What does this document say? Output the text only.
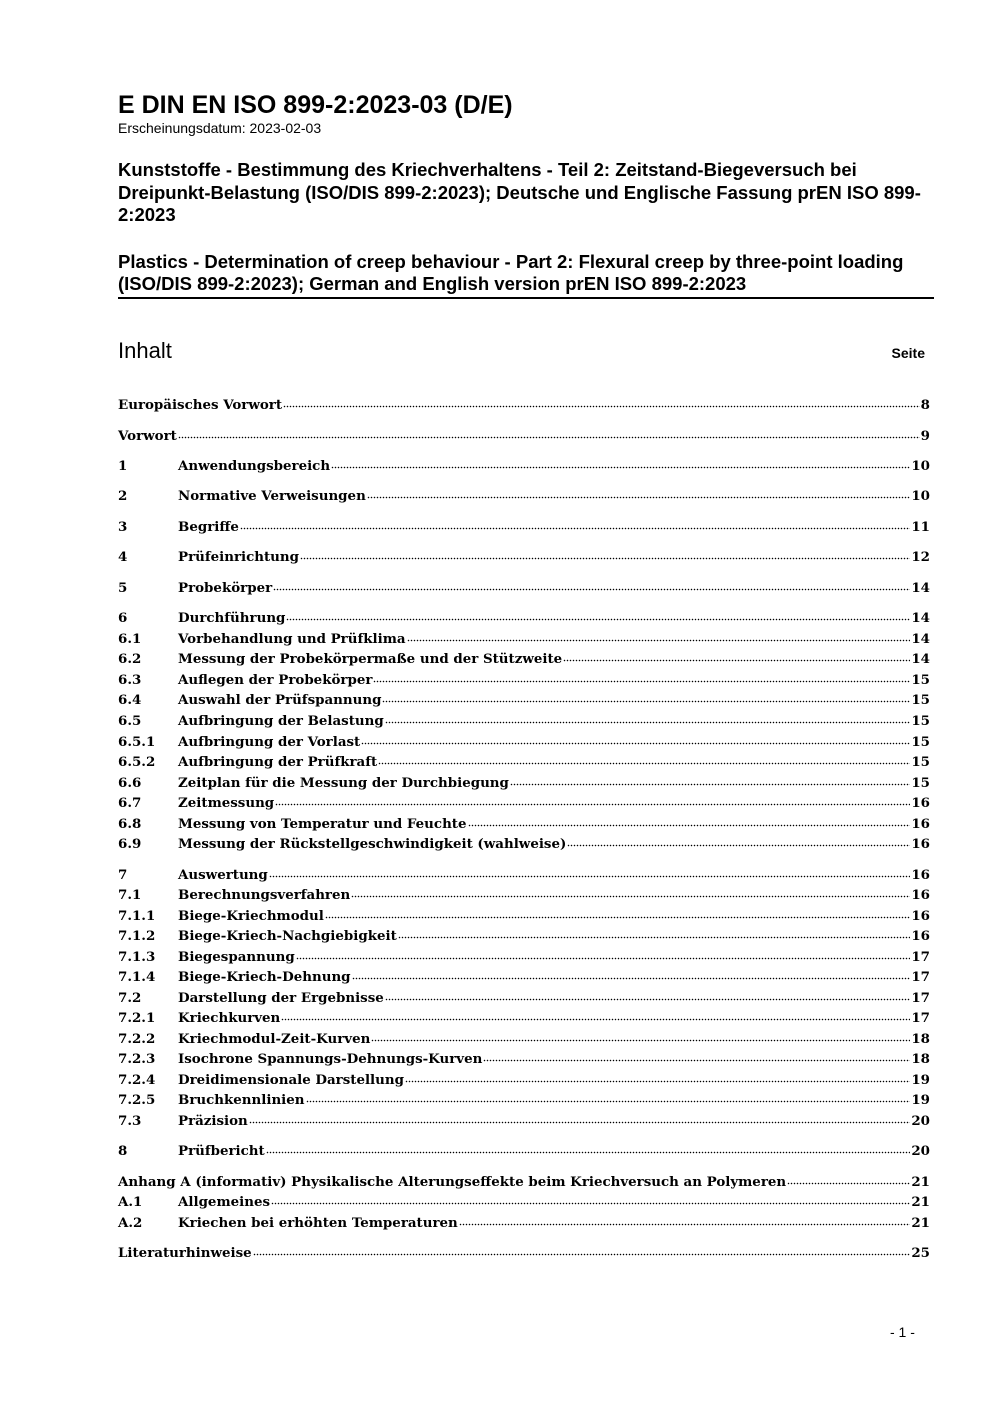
E DIN EN ISO 899-2:2023-03 (D/E)

Erscheinungsdatum: 2023-02-03

Kunststoffe - Bestimmung des Kriechverhaltens - Teil 2: Zeitstand-Biegeversuch bei Dreipunkt-Belastung (ISO/DIS 899-2:2023); Deutsche und Englische Fassung prEN ISO 899-2:2023

Plastics - Determination of creep behaviour - Part 2: Flexural creep by three-point loading (ISO/DIS 899-2:2023); German and English version prEN ISO 899-2:2023

Inhalt	Seite
Europäisches Vorwort	8
Vorwort	9
1	Anwendungsbereich	10
2	Normative Verweisungen	10
3	Begriffe	11
4	Prüfeinrichtung	12
5	Probekörper	14
6	Durchführung	14
6.1	Vorbehandlung und Prüfklima	14
6.2	Messung der Probekörpermaße und der Stützweite	14
6.3	Auflegen der Probekörper	15
6.4	Auswahl der Prüfspannung	15
6.5	Aufbringung der Belastung	15
6.5.1	Aufbringung der Vorlast	15
6.5.2	Aufbringung der Prüfkraft	15
6.6	Zeitplan für die Messung der Durchbiegung	15
6.7	Zeitmessung	16
6.8	Messung von Temperatur und Feuchte	16
6.9	Messung der Rückstellgeschwindigkeit (wahlweise)	16
7	Auswertung	16
7.1	Berechnungsverfahren	16
7.1.1	Biege-Kriechmodul	16
7.1.2	Biege-Kriech-Nachgiebigkeit	16
7.1.3	Biegespannung	17
7.1.4	Biege-Kriech-Dehnung	17
7.2	Darstellung der Ergebnisse	17
7.2.1	Kriechkurven	17
7.2.2	Kriechmodul-Zeit-Kurven	18
7.2.3	Isochrone Spannungs-Dehnungs-Kurven	18
7.2.4	Dreidimensionale Darstellung	19
7.2.5	Bruchkennlinien	19
7.3	Präzision	20
8	Prüfbericht	20
Anhang A (informativ) Physikalische Alterungseffekte beim Kriechversuch an Polymeren	21
A.1	Allgemeines	21
A.2	Kriechen bei erhöhten Temperaturen	21
Literaturhinweise	25
- 1 -
